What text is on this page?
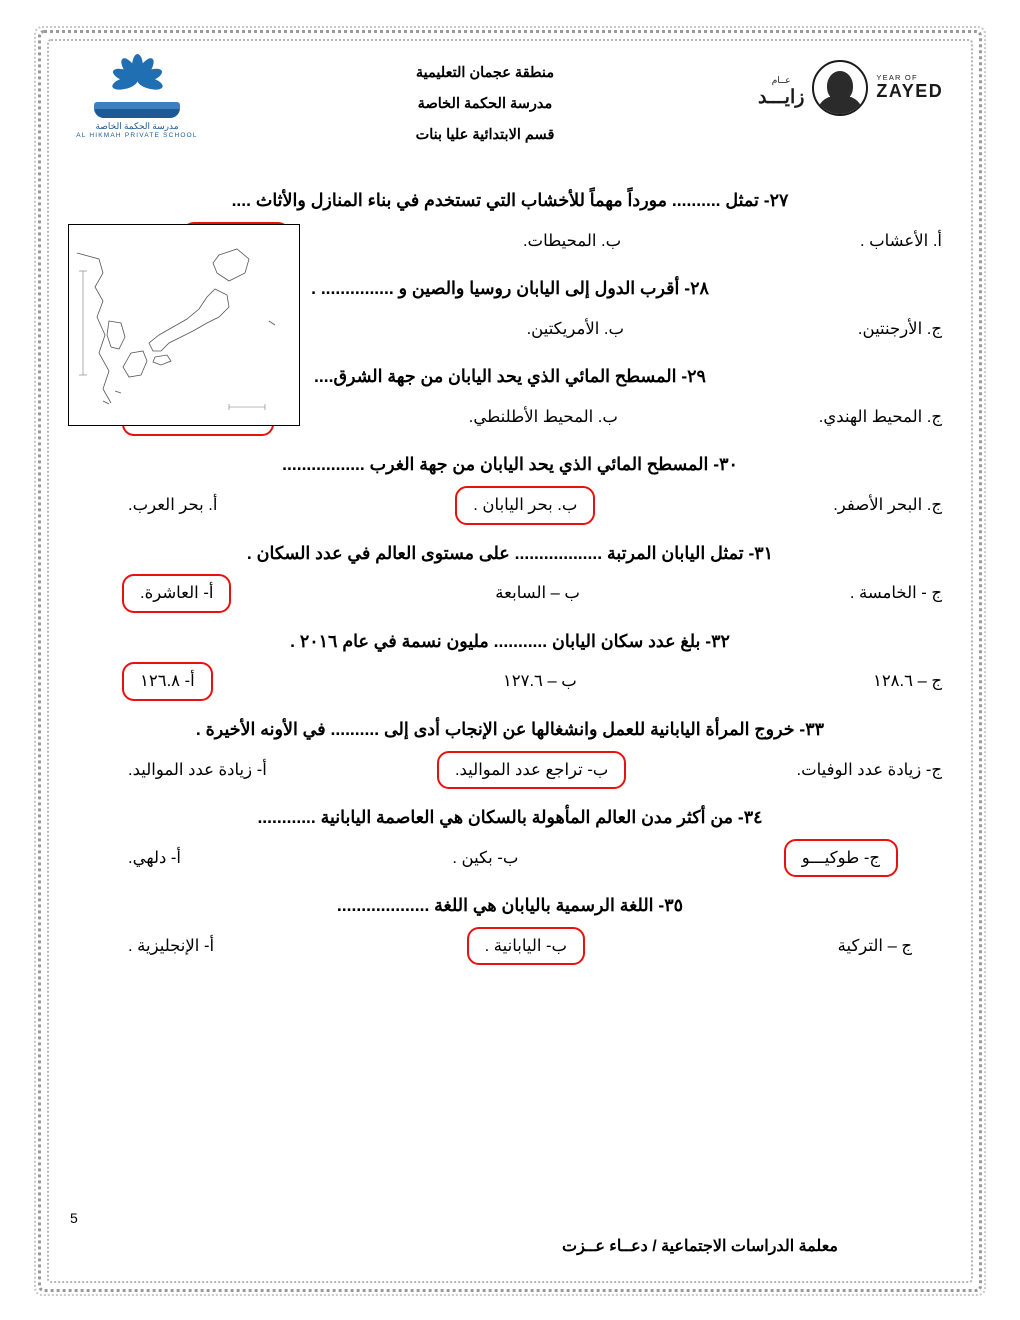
عــام
زايـــد
YEAR OF
ZAYED
منطقة عجمان التعليمية
مدرسة الحكمة الخاصة
قسم الابتدائية عليا بنات
مدرسة الحكمة الخاصة
AL HIKMAH PRIVATE SCHOOL
٢٧- تمثل .......... مورداً مهماً للأخشاب التي تستخدم في بناء المنازل والأثاث ....
أ. الأعشاب .
ب. المحيطات.
٢٨- أقرب الدول إلى اليابان روسيا والصين و ............... .
ج. الأرجنتين.
ب. الأمريكتين.
٢٩- المسطح المائي الذي يحد اليابان من جهة الشرق....
ج. المحيط الهندي.
ب. المحيط الأطلنطي.
٣٠- المسطح المائي الذي يحد اليابان من جهة الغرب .................
ج. البحر الأصفر.
ب. بحر اليابان .
أ. بحر العرب.
٣١- تمثل اليابان المرتبة .................. على مستوى العالم في عدد السكان .
ج - الخامسة .
ب – السابعة
أ- العاشرة.
٣٢- بلغ عدد سكان اليابان ........... مليون نسمة في عام ٢٠١٦ .
ج – ١٢٨.٦
ب – ١٢٧.٦
أ- ١٢٦.٨
٣٣- خروج المرأة اليابانية للعمل وانشغالها عن الإنجاب أدى إلى .......... في الأونه الأخيرة .
ج- زيادة عدد الوفيات.
ب- تراجع عدد المواليد.
أ- زيادة عدد المواليد.
٣٤- من أكثر مدن العالم المأهولة بالسكان هي العاصمة اليابانية ............
ج- طوكيـــو
ب- بكين .
أ- دلهي.
٣٥- اللغة الرسمية باليابان هي اللغة ...................
ج – التركية
ب- اليابانية .
أ- الإنجليزية .
5
معلمة الدراسات الاجتماعية / دعــاء عــزت
